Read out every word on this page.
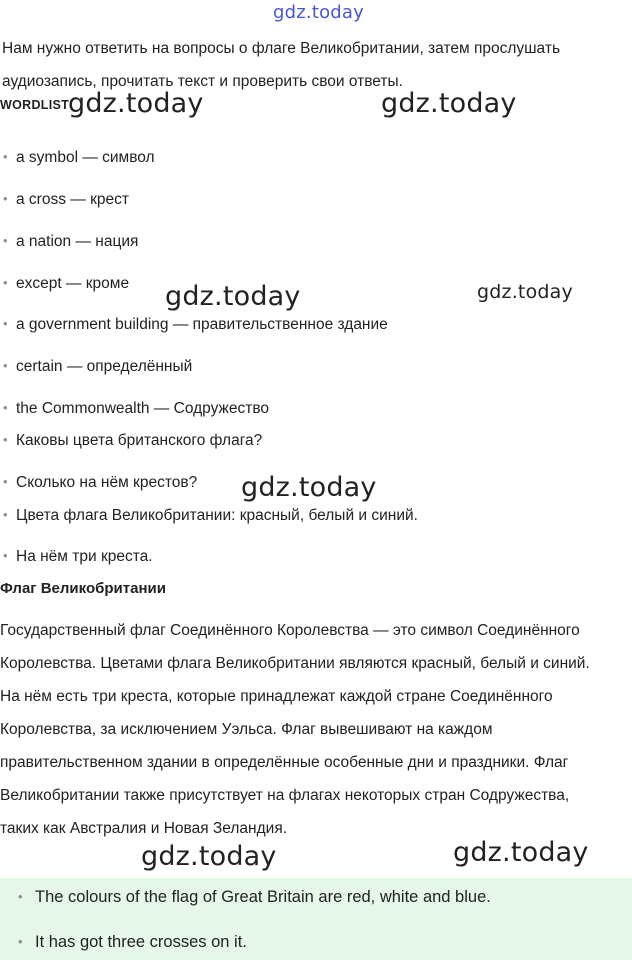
gdz.today
gdz.today	gdz.today
gdz.today	gdz.today
gdz.today
gdz.today	gdz.today

Нам нужно ответить на вопросы о флаге Великобритании, затем прослушать аудиозапись, прочитать текст и проверить свои ответы.

WORDLIST
• a symbol — символ
• a cross — крест
• a nation — нация
• except — кроме
• a government building — правительственное здание
• certain — определённый
• the Commonwealth — Содружество
• Каковы цвета британского флага?
• Сколько на нём крестов?
• Цвета флага Великобритании: красный, белый и синий.
• На нём три креста.
Флаг Великобритании

Государственный флаг Соединённого Королевства — это символ Соединённого Королевства. Цветами флага Великобритании являются красный, белый и синий. На нём есть три креста, которые принадлежат каждой стране Соединённого Королевства, за исключением Уэльса. Флаг вывешивают на каждом правительственном здании в определённые особенные дни и праздники. Флаг Великобритании также присутствует на флагах некоторых стран Содружества, таких как Австралия и Новая Зеландия.

• The colours of the flag of Great Britain are red, white and blue.
• It has got three crosses on it.
